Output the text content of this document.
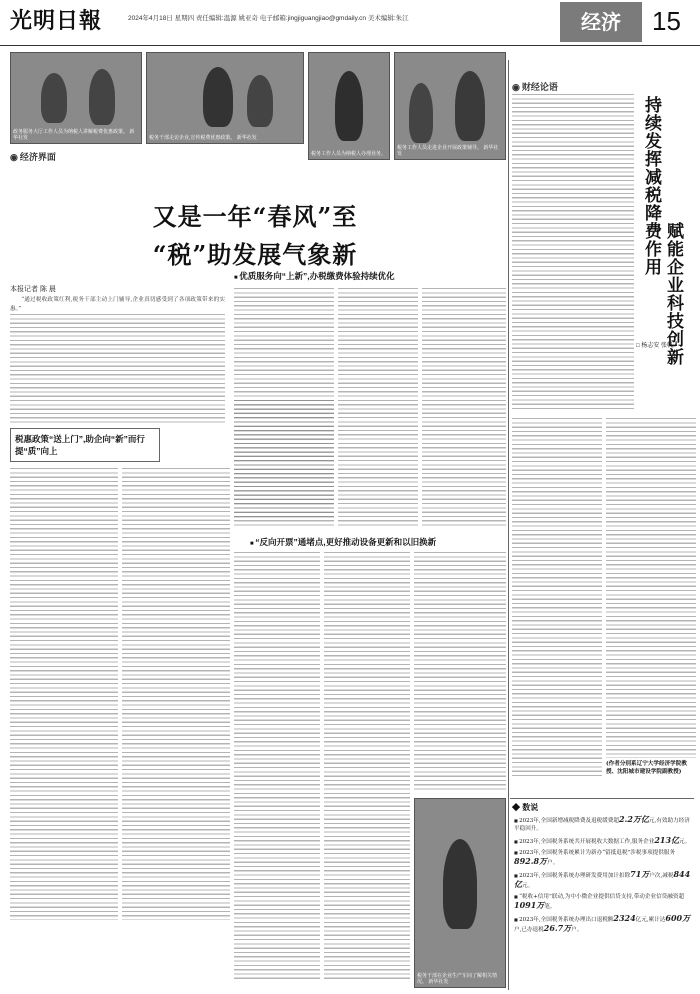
光明日報	2024年4月18日 星期四 责任编辑:温源 姚亚奇 电子邮箱:jingjiguangjiao@gmdaily.cn 美术编辑:朱江	经济	15
政务服务大厅工作人员为纳税人讲解税费优惠政策。 新华社发	税务干部走访企业,宣传税费优惠政策。 新华社发
税务工作人员为纳税人办理业务。
税务工作人员走进企业开展政策辅导。 新华社发
◉ 经济界面
又是一年“春风”至
“税”助发展气象新
本报记者 陈 晨

“通过税收政策红利,税务干部主动上门辅导,企业真切感受到了各项政策带来的实惠。”

税惠政策“送上门”,助企向“新”而行提“质”向上
■ 优质服务向“上新”,办税缴费体验持续优化
■ “反向开票”通堵点,更好推动设备更新和以旧换新
税务干部在企业生产车间了解相关情况。 新华社发
◉ 财经论语
持续发挥减税降费作用
赋能企业科技创新
□ 杨志安 张帆
(作者分别系辽宁大学经济学院教授、沈阳城市建设学院副教授)
◆ 数说
■ 2023年,全国新增减税降费及退税缓费超2.2万亿元,有效助力经济平稳回升。
■ 2023年,全国税务系统共开展税收大数据工作,服务企业213亿元。
■ 2023年,全国税务系统累计为新办“留抵退税”涉税事项提供服务892.8万户。
■ 2023年,全国税务系统办理研发费用加计扣除71万户次,减税844亿元。
■ “税收+信用”联动,为中小微企业提供信贷支持,带动企业信贷融资超1091万笔。
■ 2023年,全国税务系统办理出口退税额2324亿元,累计达600万户,已办退税26.7万户。
